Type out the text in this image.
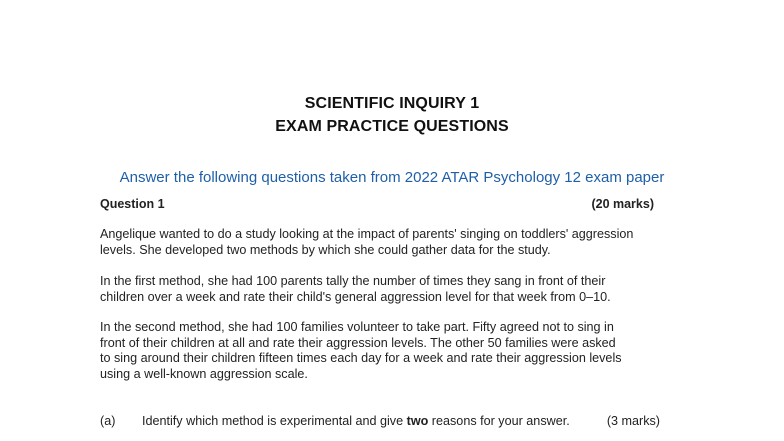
SCIENTIFIC INQUIRY 1
EXAM PRACTICE QUESTIONS
Answer the following questions taken from 2022 ATAR Psychology 12 exam paper
Question 1	(20 marks)

Angelique wanted to do a study looking at the impact of parents' singing on toddlers' aggression

levels. She developed two methods by which she could gather data for the study.

In the first method, she had 100 parents tally the number of times they sang in front of their

children over a week and rate their child's general aggression level for that week from 0–10.

In the second method, she had 100 families volunteer to take part. Fifty agreed not to sing in

front of their children at all and rate their aggression levels. The other 50 families were asked

to sing around their children fifteen times each day for a week and rate their aggression levels

using a well-known aggression scale.

(a)	Identify which method is experimental and give two reasons for your answer.	(3 marks)
